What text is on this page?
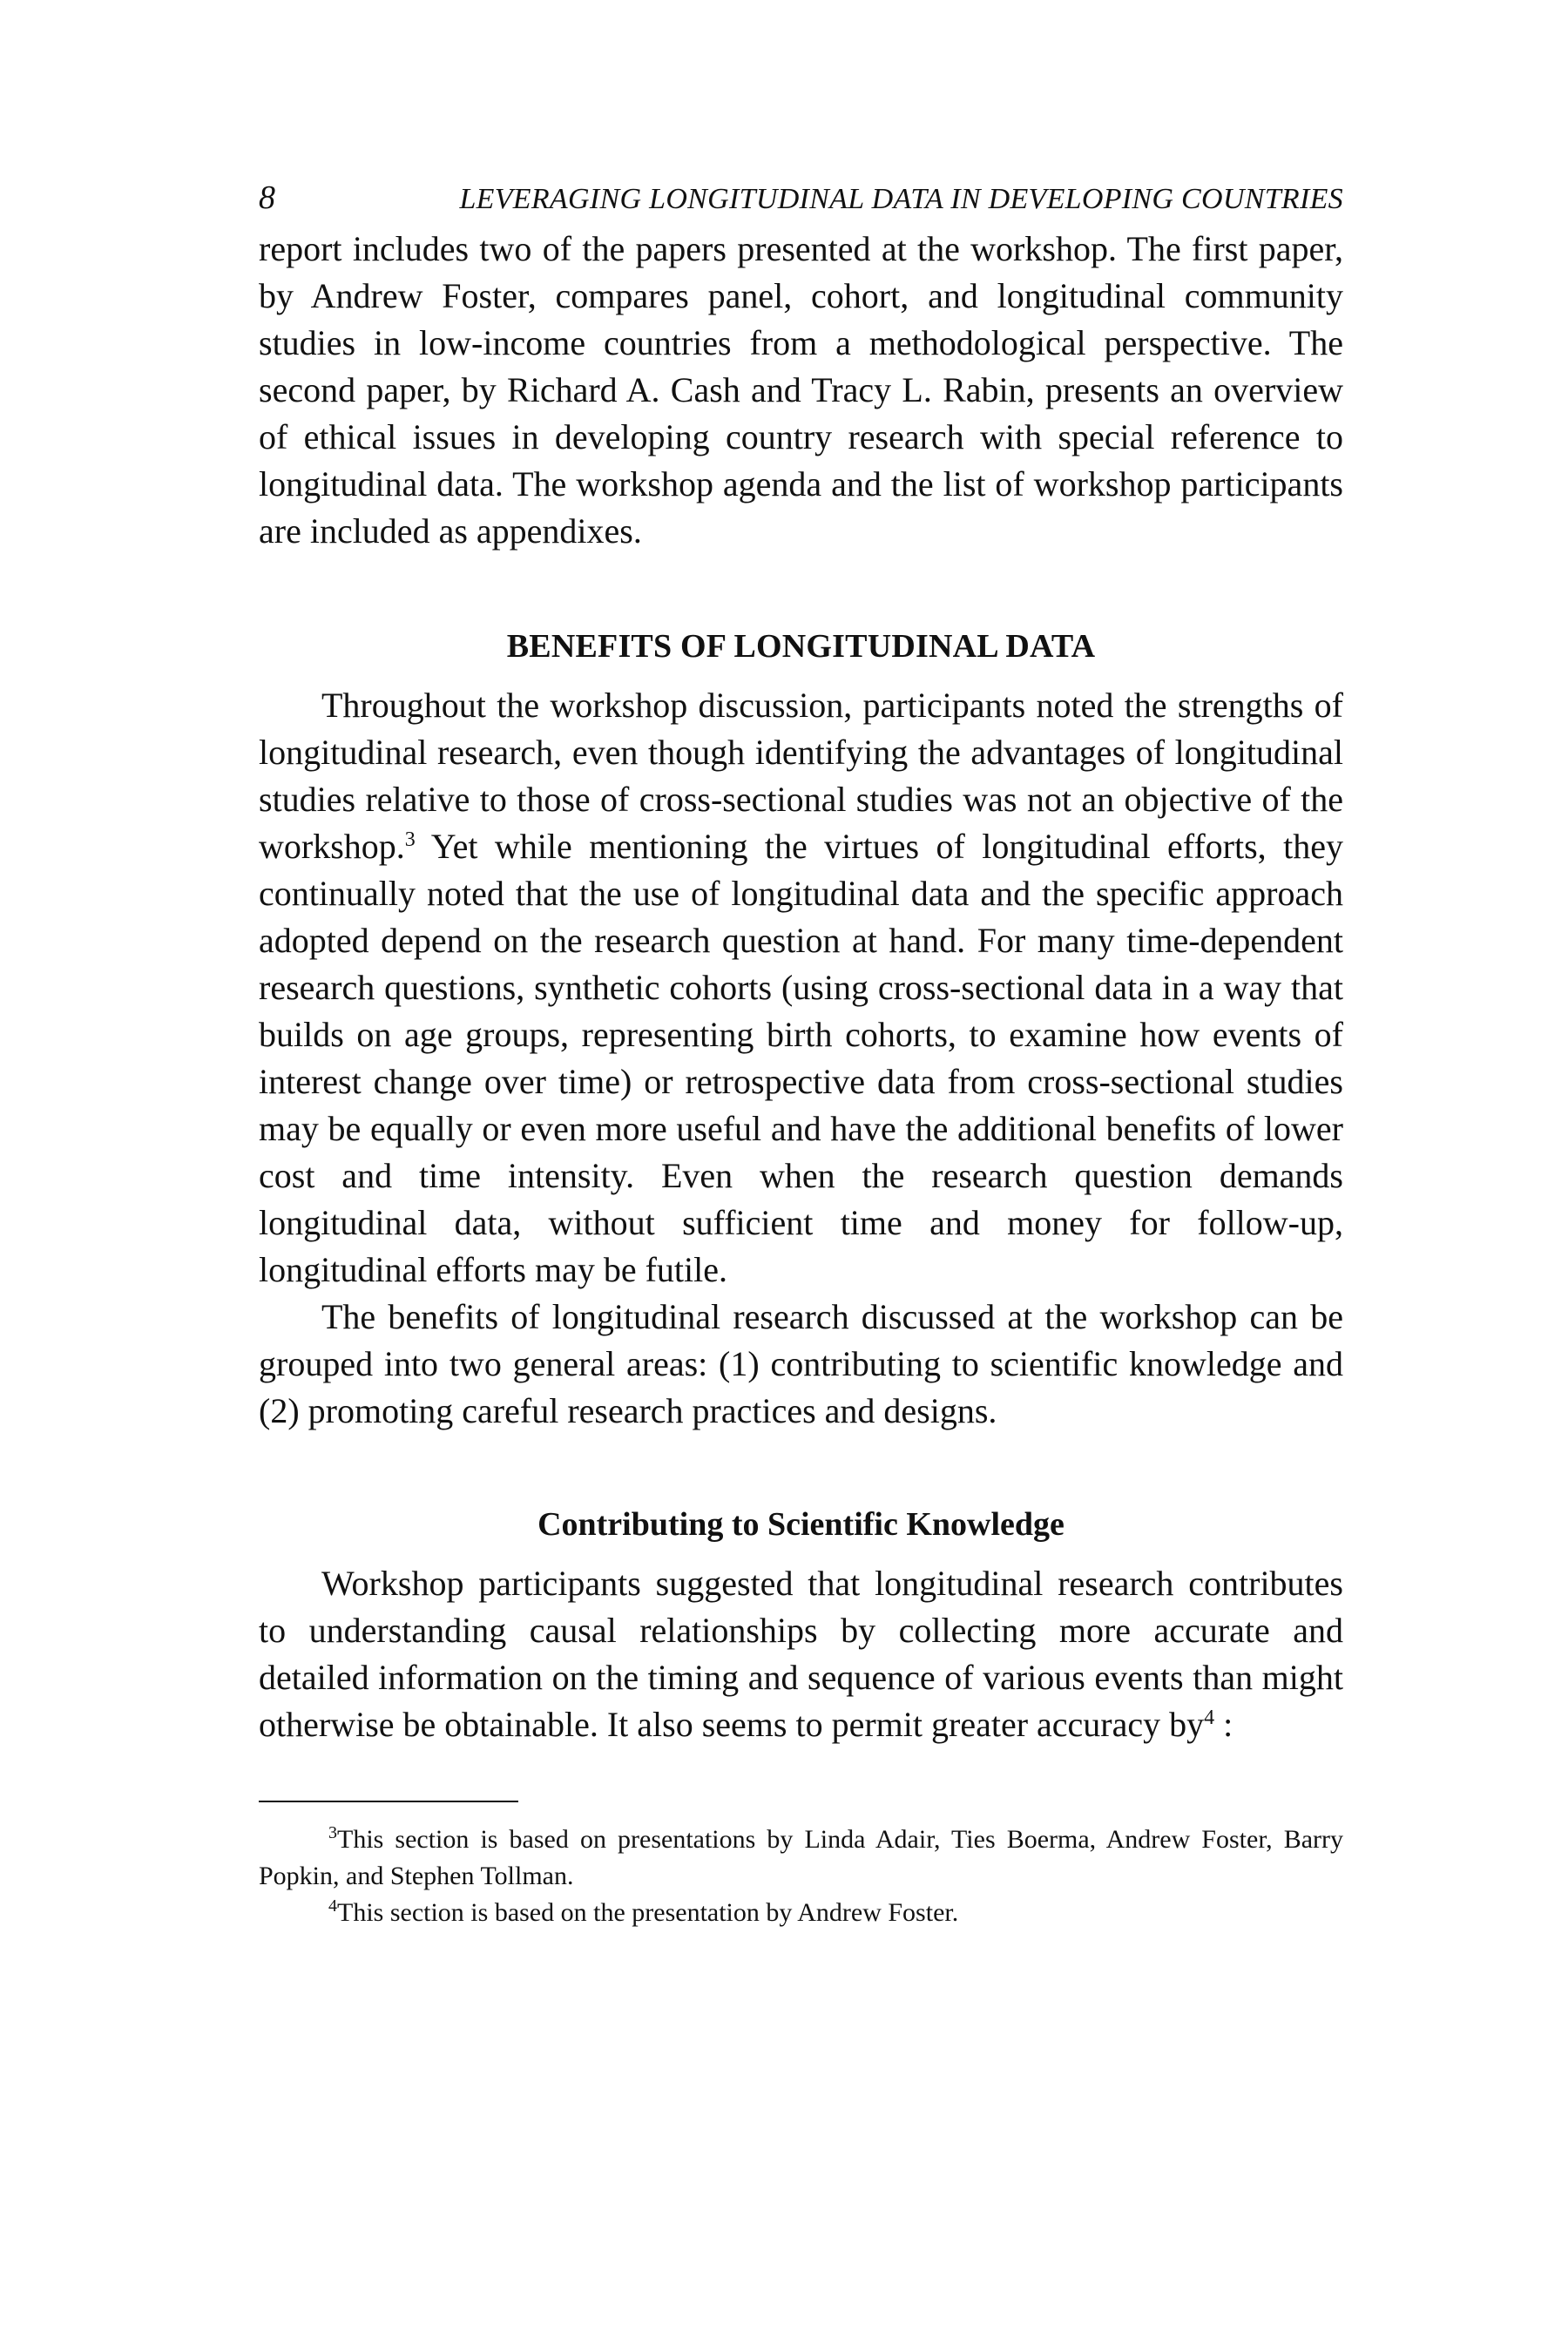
8	LEVERAGING LONGITUDINAL DATA IN DEVELOPING COUNTRIES

report includes two of the papers presented at the workshop. The first paper, by Andrew Foster, compares panel, cohort, and longitudinal community studies in low-income countries from a methodological perspective. The second paper, by Richard A. Cash and Tracy L. Rabin, presents an overview of ethical issues in developing country research with special reference to longitudinal data. The workshop agenda and the list of workshop participants are included as appendixes.

BENEFITS OF LONGITUDINAL DATA

Throughout the workshop discussion, participants noted the strengths of longitudinal research, even though identifying the advantages of longitudinal studies relative to those of cross-sectional studies was not an objective of the workshop.$^3$ Yet while mentioning the virtues of longitudinal efforts, they continually noted that the use of longitudinal data and the specific approach adopted depend on the research question at hand. For many time-dependent research questions, synthetic cohorts (using cross-sectional data in a way that builds on age groups, representing birth cohorts, to examine how events of interest change over time) or retrospective data from cross-sectional studies may be equally or even more useful and have the additional benefits of lower cost and time intensity. Even when the research question demands longitudinal data, without sufficient time and money for follow-up, longitudinal efforts may be futile.

The benefits of longitudinal research discussed at the workshop can be grouped into two general areas: (1) contributing to scientific knowledge and (2) promoting careful research practices and designs.

Contributing to Scientific Knowledge

Workshop participants suggested that longitudinal research contributes to understanding causal relationships by collecting more accurate and detailed information on the timing and sequence of various events than might otherwise be obtainable. It also seems to permit greater accuracy $by^4$ :

$^3$This section is based on presentations by Linda Adair, Ties Boerma, Andrew Foster, Barry Popkin, and Stephen Tollman.

$^4$This section is based on the presentation by Andrew Foster.
